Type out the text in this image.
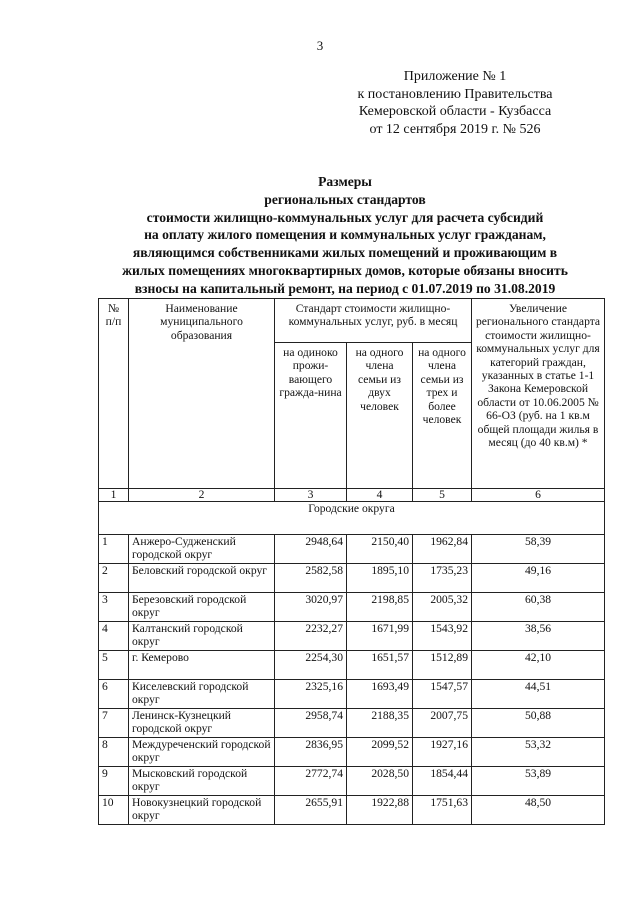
3
Приложение № 1
к постановлению Правительства
Кемеровской области - Кузбасса
от 12 сентября 2019 г. № 526
Размеры
региональных стандартов
стоимости жилищно-коммунальных услуг для расчета субсидий
на оплату жилого помещения и коммунальных услуг гражданам,
являющимся собственниками жилых помещений и проживающим в
жилых помещениях многоквартирных домов, которые обязаны вносить
взносы на капитальный ремонт, на период с 01.07.2019 по 31.08.2019
№ п/п	Наименование муниципального образования	Стандарт стоимости жилищно-коммунальных услуг, руб. в месяц			Увеличение регионального стандарта стоимости жилищно-коммунальных услуг для категорий граждан, указанных в статье 1-1 Закона Кемеровской области от 10.06.2005 № 66-ОЗ (руб. на 1 кв.м общей площади жилья в месяц (до 40 кв.м) *
		на одиноко прожи-вающего гражда-нина	на одного члена семьи из двух человек	на одного члена семьи из трех и более человек	
1	2	3	4	5	6
Городские округа					
1	Анжеро-Судженский городской округ	2948,64	2150,40	1962,84	58,39
2	Беловский городской округ	2582,58	1895,10	1735,23	49,16
3	Березовский городской округ	3020,97	2198,85	2005,32	60,38
4	Калтанский городской округ	2232,27	1671,99	1543,92	38,56
5	г. Кемерово	2254,30	1651,57	1512,89	42,10
6	Киселевский городской округ	2325,16	1693,49	1547,57	44,51
7	Ленинск-Кузнецкий городской округ	2958,74	2188,35	2007,75	50,88
8	Междуреченский городской округ	2836,95	2099,52	1927,16	53,32
9	Мысковский городской округ	2772,74	2028,50	1854,44	53,89
10	Новокузнецкий городской округ	2655,91	1922,88	1751,63	48,50
